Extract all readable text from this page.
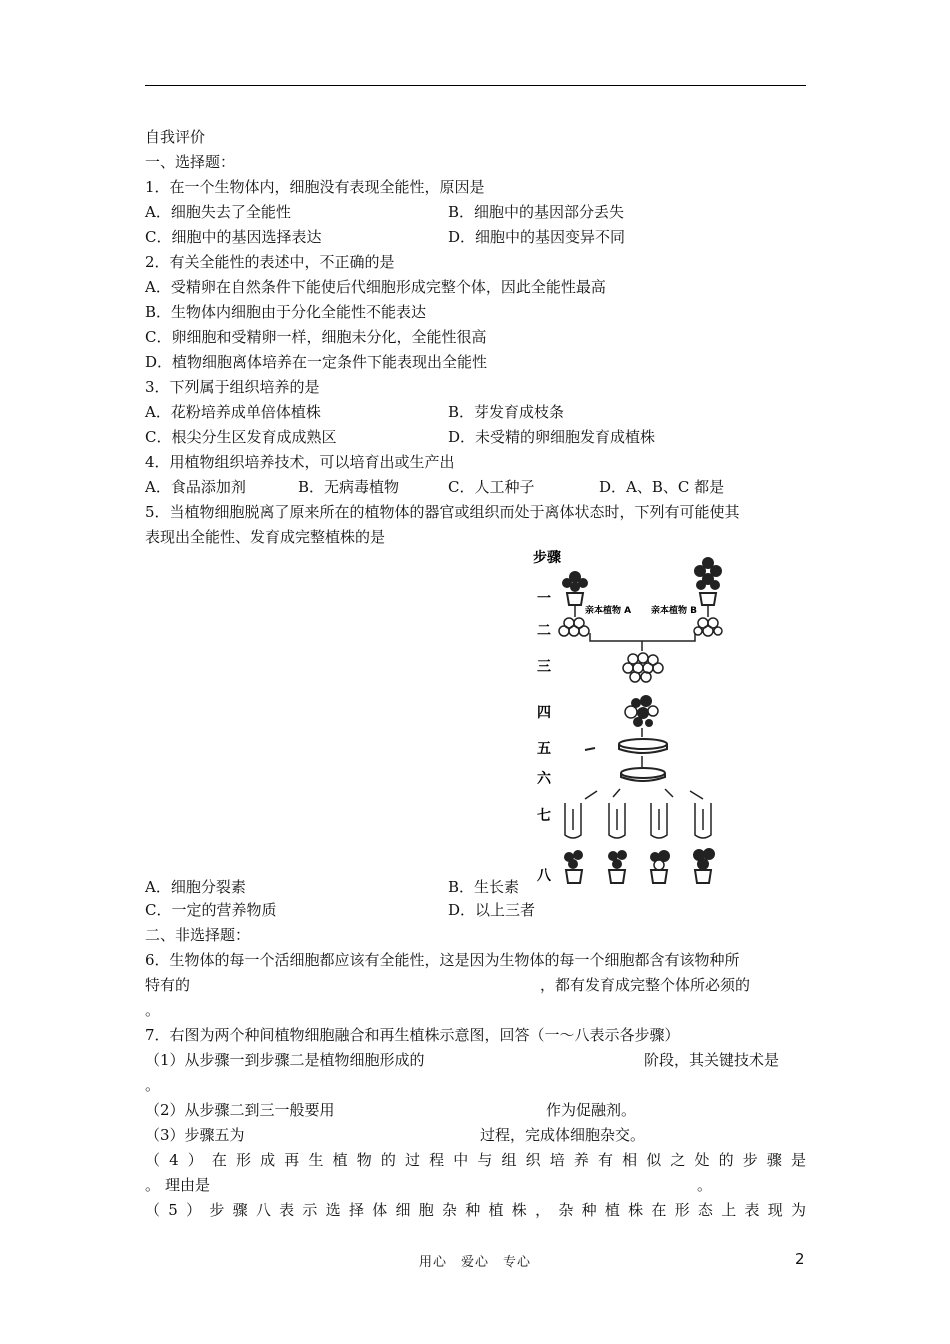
自我评价
一、选择题：
1．在一个生物体内，细胞没有表现全能性，原因是
A．细胞失去了全能性	B．细胞中的基因部分丢失
C．细胞中的基因选择表达	D．细胞中的基因变异不同
2．有关全能性的表述中，不正确的是
A．受精卵在自然条件下能使后代细胞形成完整个体，因此全能性最高
B．生物体内细胞由于分化全能性不能表达
C．卵细胞和受精卵一样，细胞未分化，全能性很高
D．植物细胞离体培养在一定条件下能表现出全能性
3．下列属于组织培养的是
A．花粉培养成单倍体植株	B．芽发育成枝条
C．根尖分生区发育成成熟区	D．未受精的卵细胞发育成植株
4．用植物组织培养技术，可以培育出或生产出
A．食品添加剂	B．无病毒植物	C．人工种子	D．A、B、C 都是
5．当植物细胞脱离了原来所在的植物体的器官或组织而处于离体状态时，下列有可能使其
表现出全能性、发育成完整植株的是
步骤
一
二
三
四
五
六
七
八
亲本植物 A 亲本植物 B
A．细胞分裂素	B．生长素
C．一定的营养物质	D．以上三者
二、非选择题：
6．生物体的每一个活细胞都应该有全能性，这是因为生物体的每一个细胞都含有该物种所
特有的	，都有发育成完整个体所必须的
。
7．右图为两个种间植物细胞融合和再生植株示意图，回答（一～八表示各步骤）
（1）从步骤一到步骤二是植物细胞形成的	阶段，其关键技术是
。
（2）从步骤二到三一般要用	作为促融剂。
（3）步骤五为	过程，完成体细胞杂交。
（4）在形成再生植物的过程中与组织培养有相似之处的步骤是
。 理由是	。
（5）步骤八表示选择体细胞杂种植株，杂种植株在形态上表现为
用心　爱心　专心	2
